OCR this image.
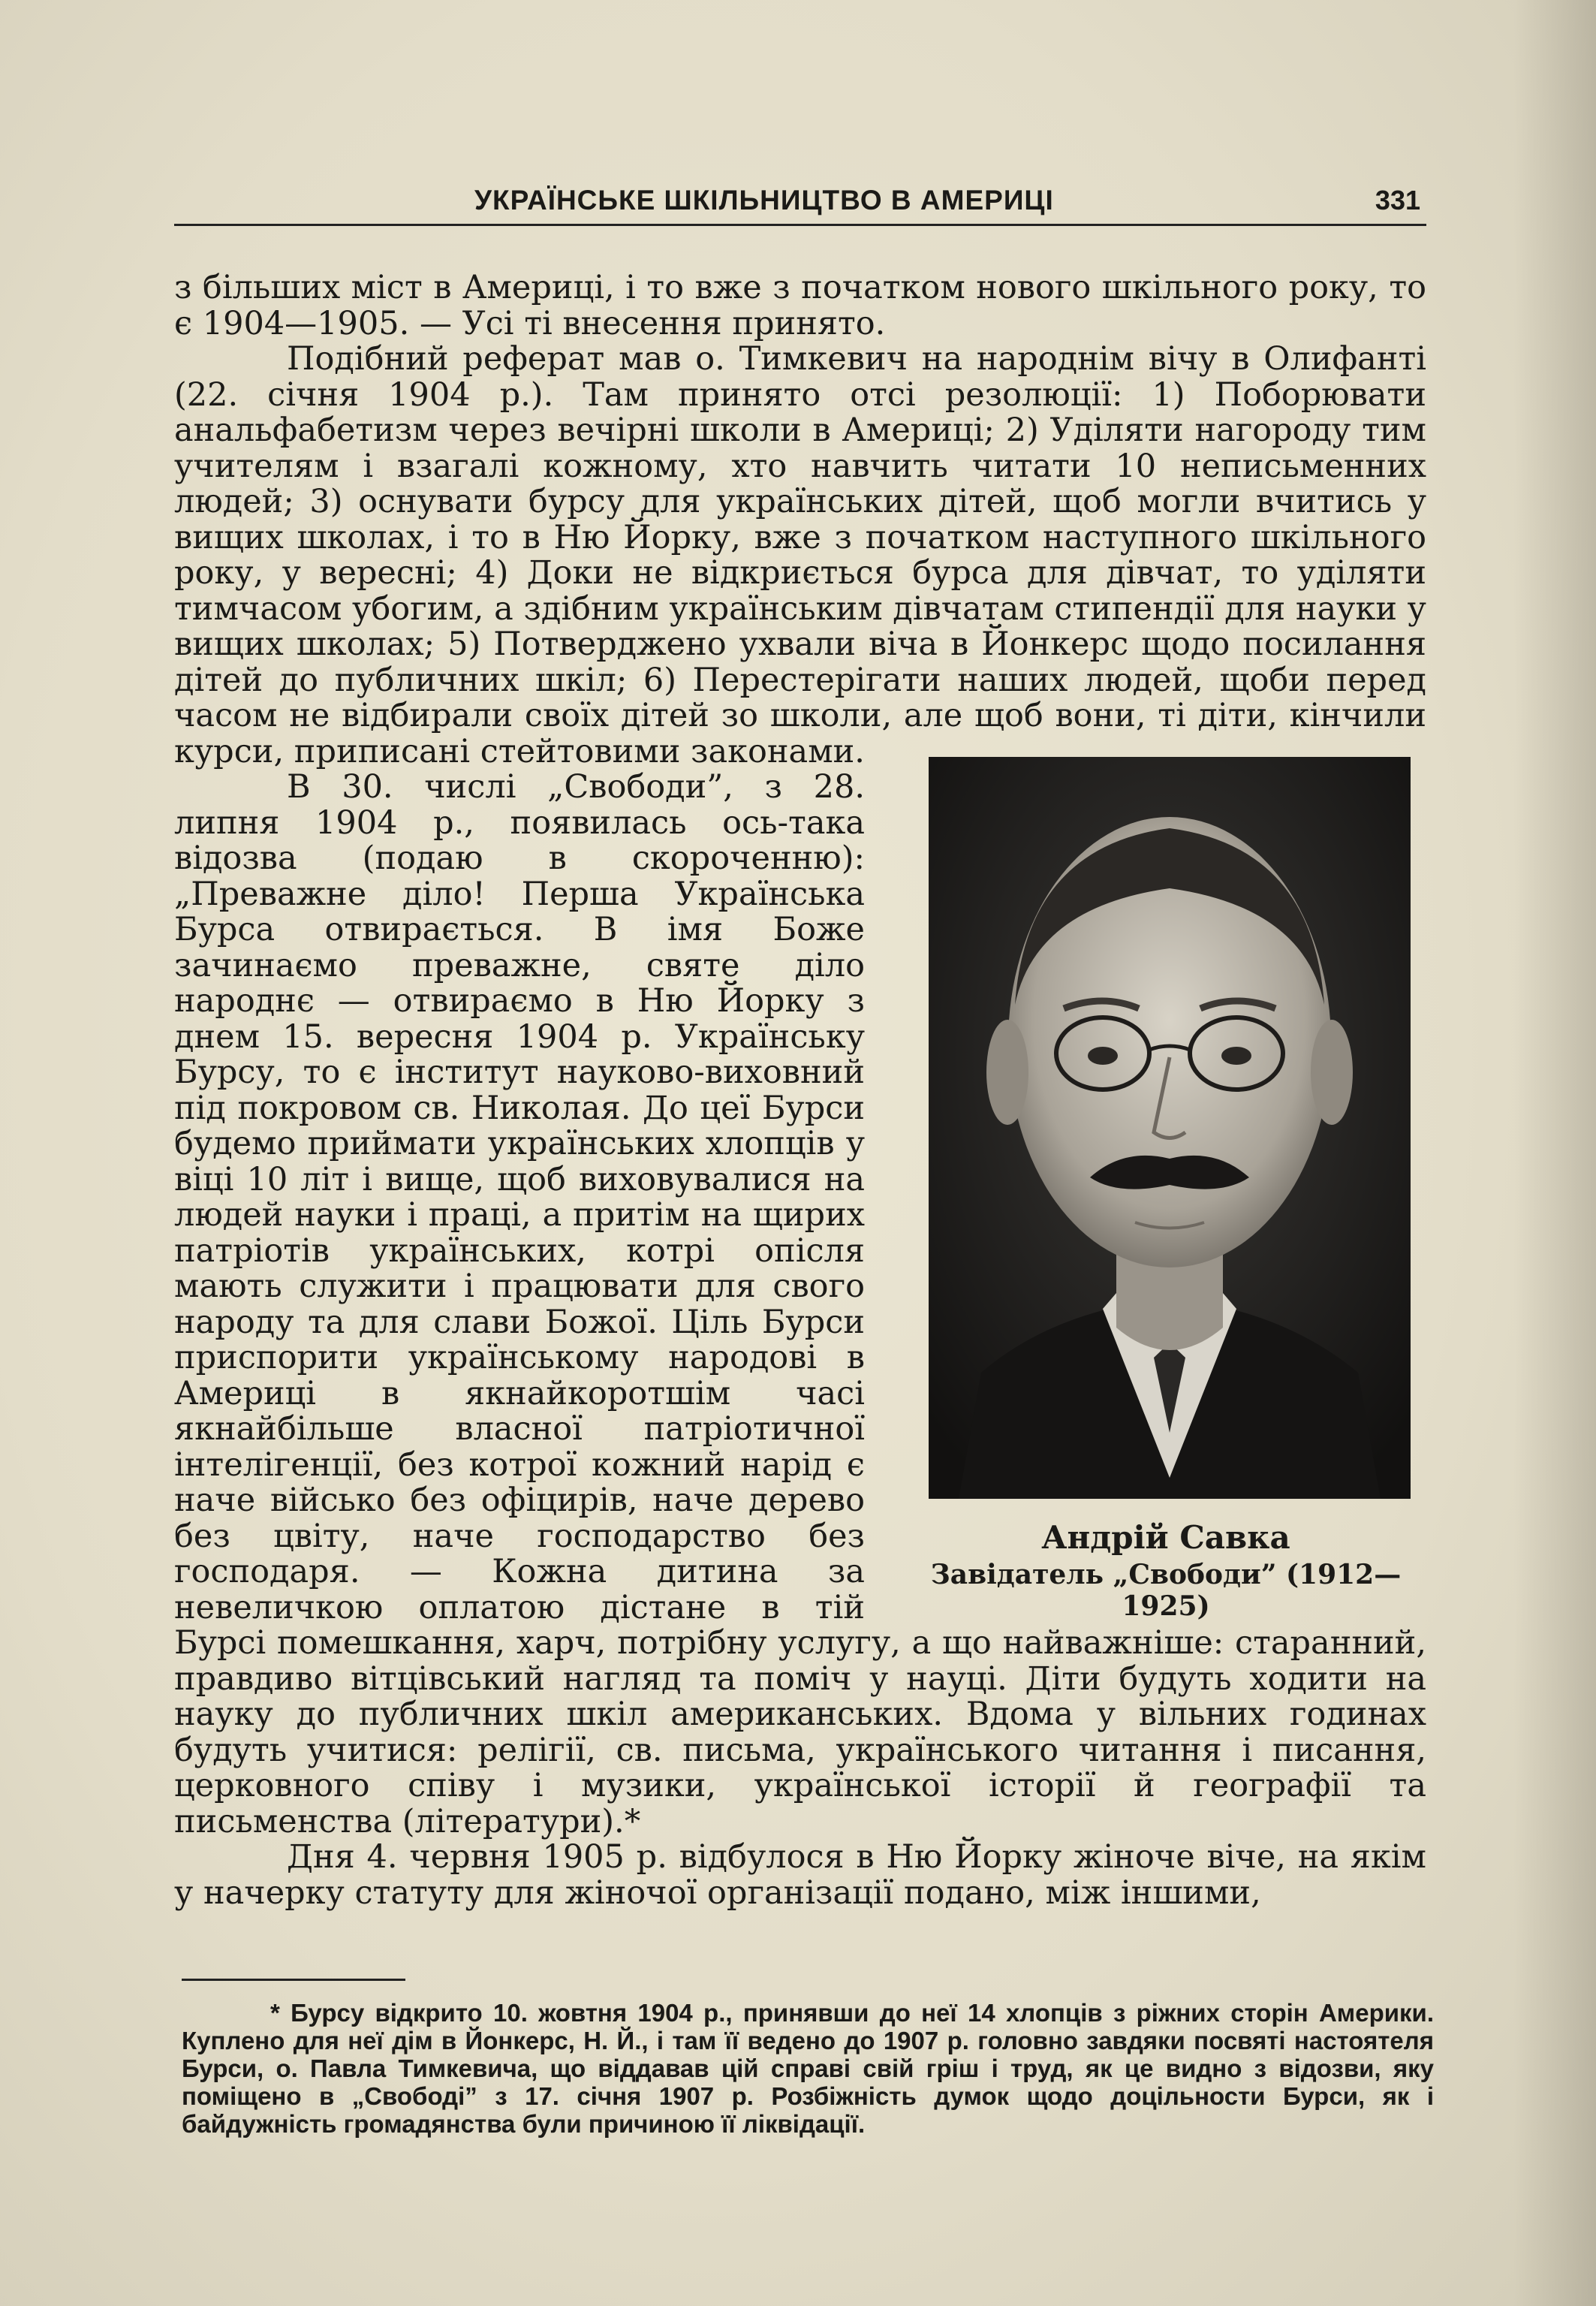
УКРАЇНСЬКЕ ШКІЛЬНИЦТВО В АМЕРИЦІ	331

з більших міст в Америці, і то вже з початком нового шкільного року, то є 1904—1905. — Усі ті внесення принято.

Подібний реферат мав о. Тимкевич на народнім вічу в Олифанті (22. січня 1904 р.). Там принято отсі резолюції: 1) Поборювати анальфабетизм через вечірні школи в Америці; 2) Уділяти нагороду тим учителям і взагалі кожному, хто навчить читати 10 неписьменних людей; 3) оснувати бурсу для українських дітей, щоб могли вчитись у вищих школах, і то в Ню Йорку, вже з початком наступного шкільного року, у вересні; 4) Доки не відкриється бурса для дівчат, то уділяти тимчасом убогим, а здібним українським дівчатам стипендії для науки у вищих школах; 5) Потверджено ухвали віча в Йонкерс щодо посилання дітей до публичних шкіл; 6) Перестерігати наших людей, щоби перед часом не відбирали своїх дітей зо школи, але щоб вони, ті діти, кінчили курси, приписані стейтовими законами.

В 30. числі „Свободи”, з 28. липня 1904 р., появилась ось-така відозва (подаю в скороченню): „Преважне діло! Перша Українська Бурса отвирається. В імя Боже зачинаємо преважне, святе діло народнє — отвираємо в Ню Йорку з днем 15. вересня 1904 р. Українську Бурсу, то є інститут науково-виховний під покровом св. Николая. До цеї Бурси будемо приймати українських хлопців у віці 10 літ і вище, щоб виховувалися на людей науки і праці, а притім на щирих патріотів українських, котрі опісля мають служити і працювати для свого народу та для слави Божої. Ціль Бурси приспорити українському народові в Америці в якнайкоротшім часі якнайбільше власної патріотичної інтелігенції, без котрої кожний нарід є наче військо без офіцирів, наче дерево без цвіту, наче господарство без господаря. — Кожна дитина за невеличкою оплатою дістане в тій Бурсі помешкання, харч, потрібну услугу, а що найважніше: старанний, правдиво вітцівський нагляд та поміч у науці. Діти будуть ходити на науку до публичних шкіл американських. Вдома у вільних годинах будуть учитися: релігії, св. письма, українського читання і писання, церковного співу і музики, української історії й географії та письменства (літератури).*

Дня 4. червня 1905 р. відбулося в Ню Йорку жіноче віче, на якім у начерку статуту для жіночої організації подано, між іншими,

Андрій Савка
Завідатель „Свободи” (1912—1925)

* Бурсу відкрито 10. жовтня 1904 р., принявши до неї 14 хлопців з ріжних сторін Америки. Куплено для неї дім в Йонкерс, Н. Й., і там її ведено до 1907 р. головно завдяки посвяті настоятеля Бурси, о. Павла Тимкевича, що віддавав цій справі свій гріш і труд, як це видно з відозви, яку поміщено в „Свободі” з 17. січня 1907 р. Розбіжність думок щодо доцільности Бурси, як і байдужність громадянства були причиною її ліквідації.
